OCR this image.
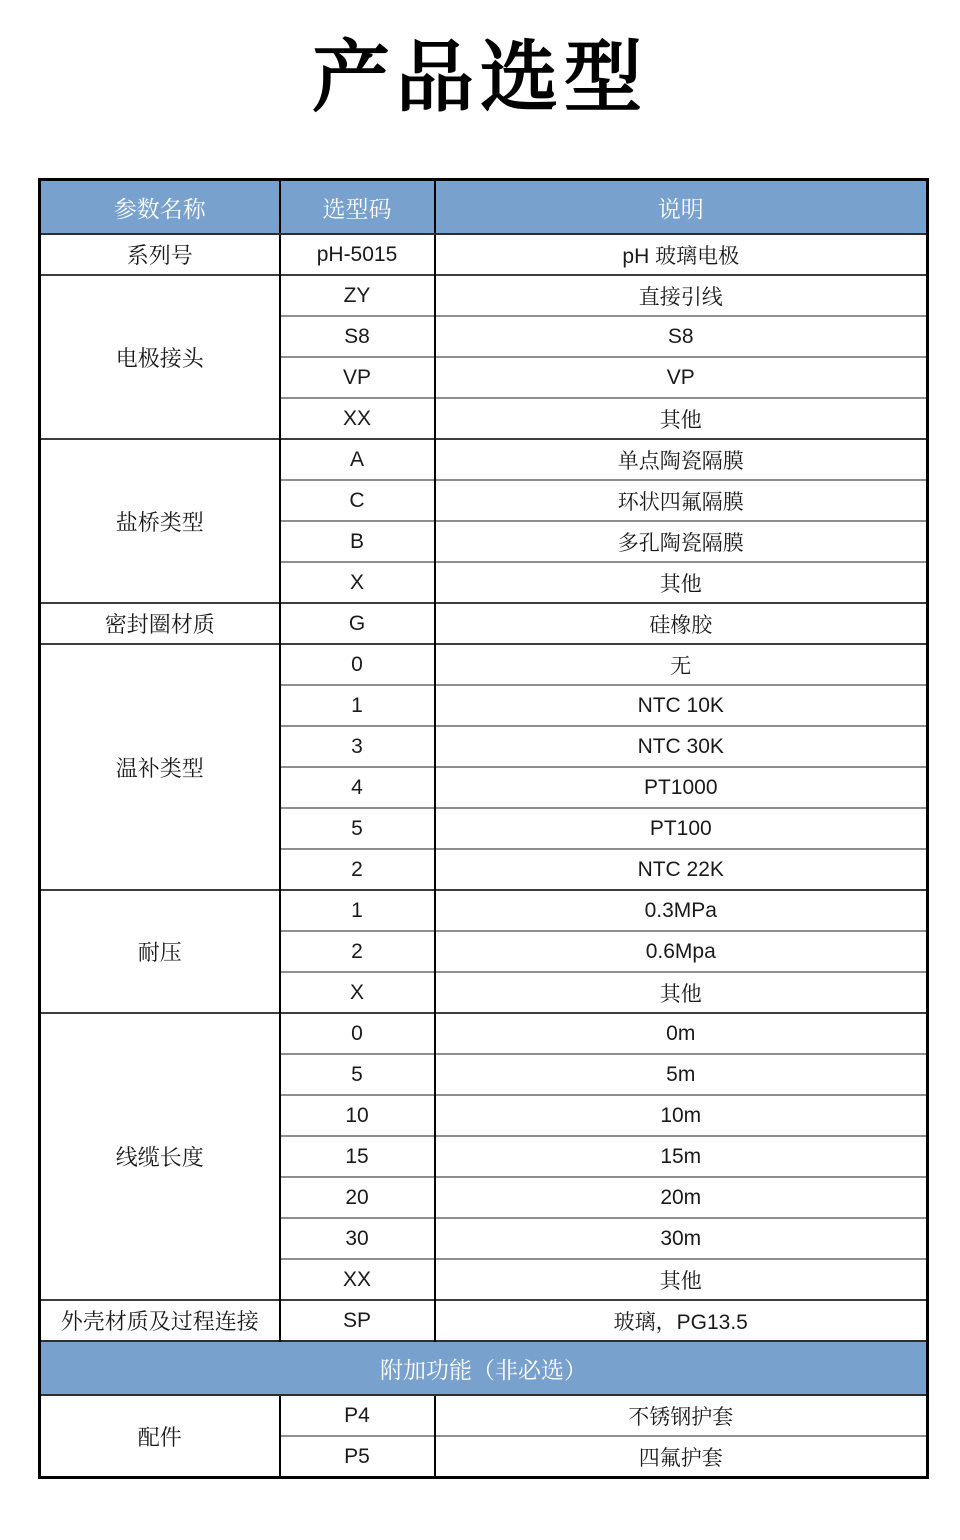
产品选型
参数名称	选型码	说明
系列号	pH-5015	pH 玻璃电极
电极接头	ZY	直接引线
	S8	S8
	VP	VP
	XX	其他
盐桥类型	A	单点陶瓷隔膜
	C	环状四氟隔膜
	B	多孔陶瓷隔膜
	X	其他
密封圈材质	G	硅橡胶
温补类型	0	无
	1	NTC 10K
	3	NTC 30K
	4	PT1000
	5	PT100
	2	NTC 22K
耐压	1	0.3MPa
	2	0.6Mpa
	X	其他
线缆长度	0	0m
	5	5m
	10	10m
	15	15m
	20	20m
	30	30m
	XX	其他
外壳材质及过程连接	SP	玻璃，PG13.5
附加功能（非必选）		
配件	P4	不锈钢护套
	P5	四氟护套
